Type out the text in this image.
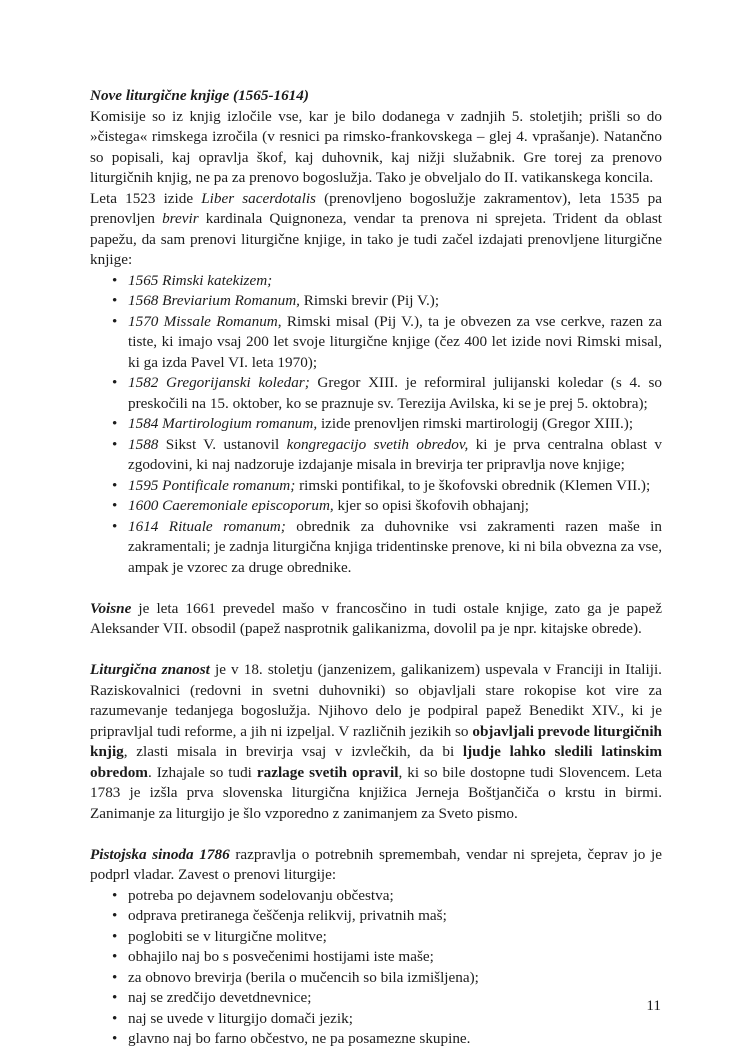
Nove liturgične knjige (1565-1614)

Komisije so iz knjig izločile vse, kar je bilo dodanega v zadnjih 5. stoletjih; prišli so do »čistega« rimskega izročila (v resnici pa rimsko-frankovskega – glej 4. vprašanje). Natančno so popisali, kaj opravlja škof, kaj duhovnik, kaj nižji služabnik. Gre torej za prenovo liturgičnih knjig, ne pa za prenovo bogoslužja. Tako je obveljalo do II. vatikanskega koncila.

Leta 1523 izide Liber sacerdotalis (prenovljeno bogoslužje zakramentov), leta 1535 pa prenovljen brevir kardinala Quignoneza, vendar ta prenova ni sprejeta. Trident da oblast papežu, da sam prenovi liturgične knjige, in tako je tudi začel izdajati prenovljene liturgične knjige:

• 1565 Rimski katekizem;
• 1568 Breviarium Romanum, Rimski brevir (Pij V.);
• 1570 Missale Romanum, Rimski misal (Pij V.), ta je obvezen za vse cerkve, razen za tiste, ki imajo vsaj 200 let svoje liturgične knjige (čez 400 let izide novi Rimski misal, ki ga izda Pavel VI. leta 1970);
• 1582 Gregorijanski koledar; Gregor XIII. je reformiral julijanski koledar (s 4. so preskočili na 15. oktober, ko se praznuje sv. Terezija Avilska, ki se je prej 5. oktobra);
• 1584 Martirologium romanum, izide prenovljen rimski martirologij (Gregor XIII.);
• 1588 Sikst V. ustanovil kongregacijo svetih obredov, ki je prva centralna oblast v zgodovini, ki naj nadzoruje izdajanje misala in brevirja ter pripravlja nove knjige;
• 1595 Pontificale romanum; rimski pontifikal, to je škofovski obrednik (Klemen VII.);
• 1600 Caeremoniale episcoporum, kjer so opisi škofovih obhajanj;
• 1614 Rituale romanum; obrednik za duhovnike vsi zakramenti razen maše in zakramentali; je zadnja liturgična knjiga tridentinske prenove, ki ni bila obvezna za vse, ampak je vzorec za druge obrednike.

Voisne je leta 1661 prevedel mašo v francosčino in tudi ostale knjige, zato ga je papež Aleksander VII. obsodil (papež nasprotnik galikanizma, dovolil pa je npr. kitajske obrede).

Liturgična znanost je v 18. stoletju (janzenizem, galikanizem) uspevala v Franciji in Italiji. Raziskovalnici (redovni in svetni duhovniki) so objavljali stare rokopise kot vire za razumevanje tedanjega bogoslužja. Njihovo delo je podpiral papež Benedikt XIV., ki je pripravljal tudi reforme, a jih ni izpeljal. V različnih jezikih so objavljali prevode liturgičnih knjig, zlasti misala in brevirja vsaj v izvlečkih, da bi ljudje lahko sledili latinskim obredom. Izhajale so tudi razlage svetih opravil, ki so bile dostopne tudi Slovencem. Leta 1783 je izšla prva slovenska liturgična knjižica Jerneja Boštjančiča o krstu in birmi. Zanimanje za liturgijo je šlo vzporedno z zanimanjem za Sveto pismo.

Pistojska sinoda 1786 razpravlja o potrebnih spremembah, vendar ni sprejeta, čeprav jo je podprl vladar. Zavest o prenovi liturgije:

• potreba po dejavnem sodelovanju občestva;
• odprava pretiranega češčenja relikvij, privatnih maš;
• poglobiti se v liturgične molitve;
• obhajilo naj bo s posvečenimi hostijami iste maše;
• za obnovo brevirja (berila o mučencih so bila izmišljena);
• naj se zredčijo devetdnevnice;
• naj se uvede v liturgijo domači jezik;
• glavno naj bo farno občestvo, ne pa posamezne skupine.
11
